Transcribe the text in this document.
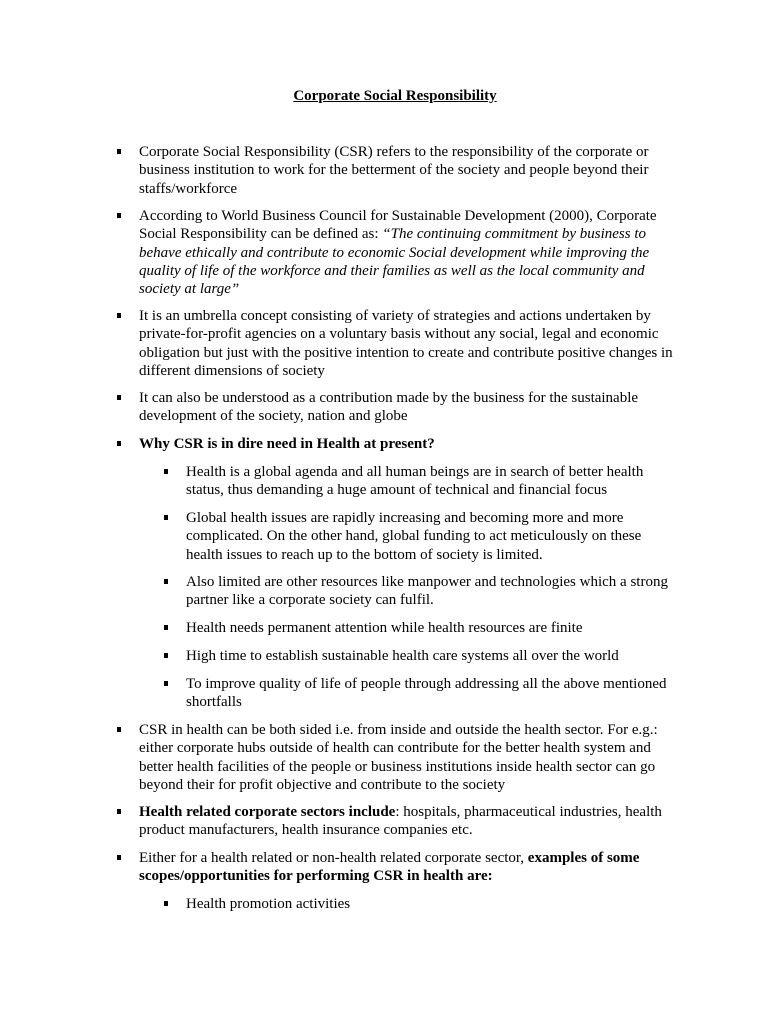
Corporate Social Responsibility
Corporate Social Responsibility (CSR) refers to the responsibility of the corporate or business institution to work for the betterment of the society and people beyond their staffs/workforce
According to World Business Council for Sustainable Development (2000), Corporate Social Responsibility can be defined as: “The continuing commitment by business to behave ethically and contribute to economic Social development while improving the quality of life of the workforce and their families as well as the local community and society at large”
It is an umbrella concept consisting of variety of strategies and actions undertaken by private-for-profit agencies on a voluntary basis without any social, legal and economic obligation but just with the positive intention to create and contribute positive changes in different dimensions of society
It can also be understood as a contribution made by the business for the sustainable development of the society, nation and globe
Why CSR is in dire need in Health at present?
Health is a global agenda and all human beings are in search of better health status, thus demanding a huge amount of technical and financial focus
Global health issues are rapidly increasing and becoming more and more complicated. On the other hand, global funding to act meticulously on these health issues to reach up to the bottom of society is limited.
Also limited are other resources like manpower and technologies which a strong partner like a corporate society can fulfil.
Health needs permanent attention while health resources are finite
High time to establish sustainable health care systems all over the world
To improve quality of life of people through addressing all the above mentioned shortfalls
CSR in health can be both sided i.e. from inside and outside the health sector. For e.g.: either corporate hubs outside of health can contribute for the better health system and better health facilities of the people or business institutions inside health sector can go beyond their for profit objective and contribute to the society
Health related corporate sectors include: hospitals, pharmaceutical industries, health product manufacturers, health insurance companies etc.
Either for a health related or non-health related corporate sector, examples of some scopes/opportunities for performing CSR in health are:
Health promotion activities
